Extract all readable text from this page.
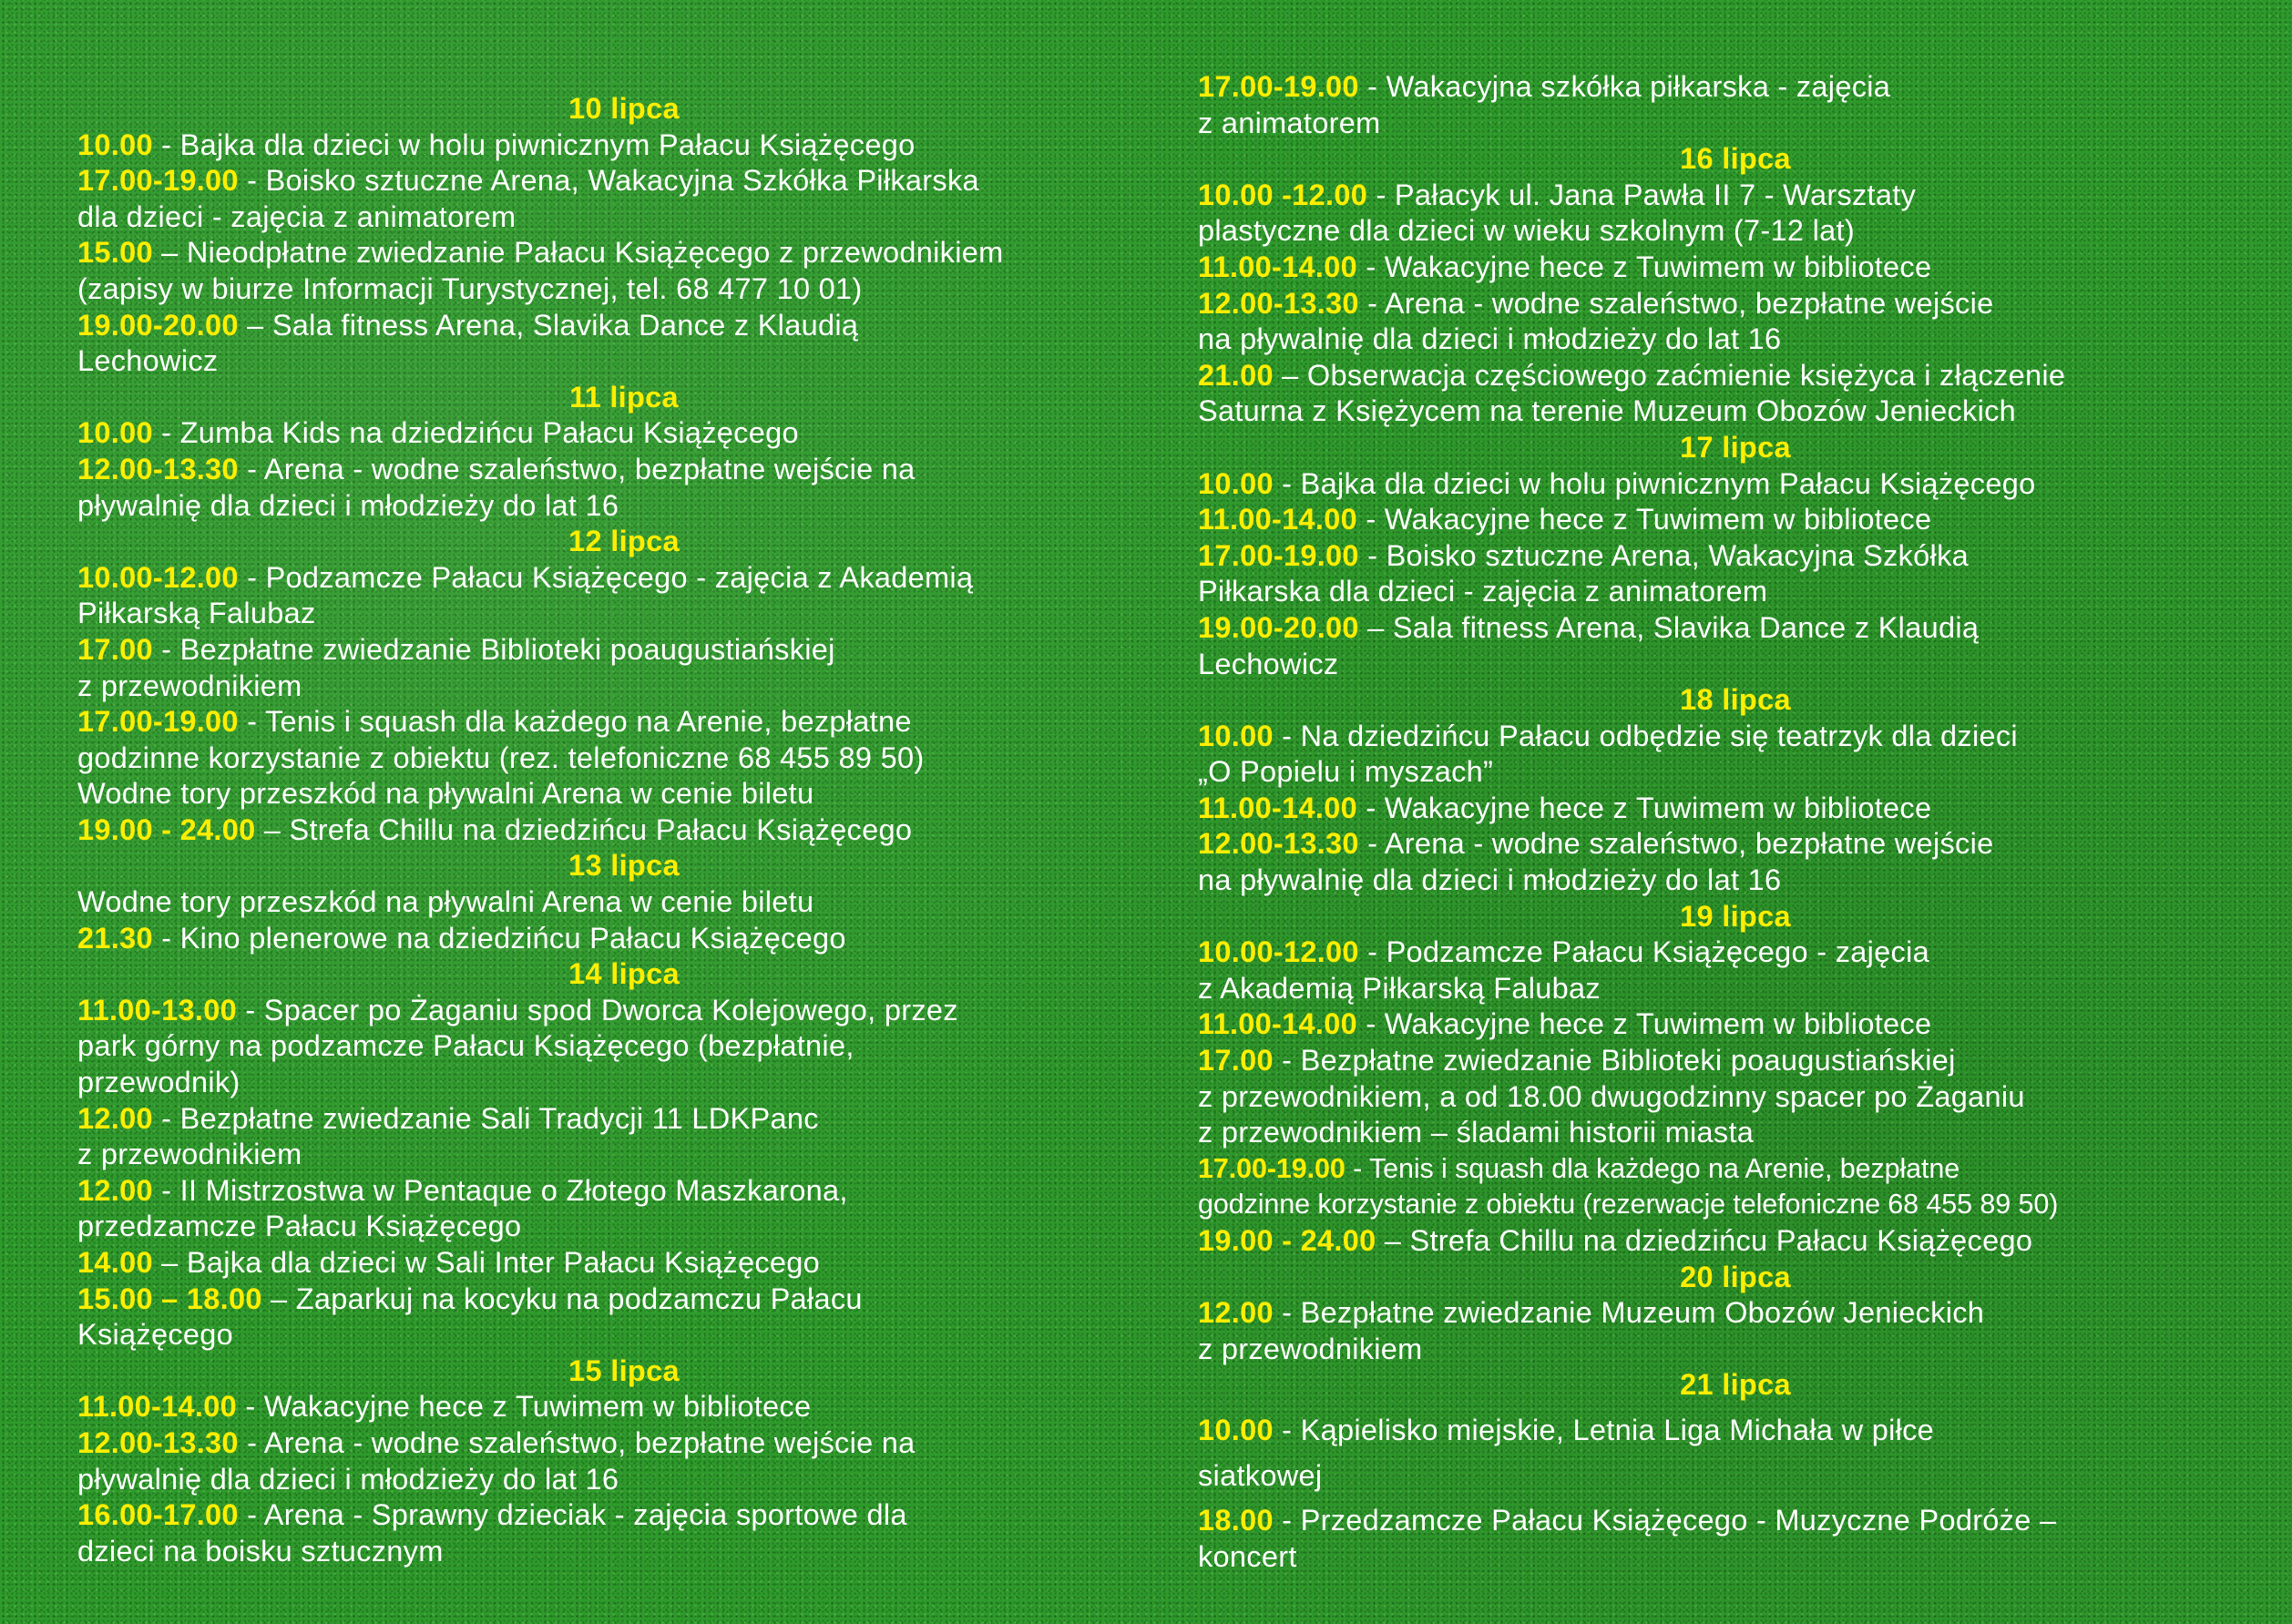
10 lipca
10.00 - Bajka dla dzieci w holu piwnicznym Pałacu Książęcego
17.00-19.00 - Boisko sztuczne Arena, Wakacyjna Szkółka Piłkarska
dla dzieci - zajęcia z animatorem
15.00 – Nieodpłatne zwiedzanie Pałacu Książęcego z przewodnikiem
(zapisy w biurze Informacji Turystycznej, tel. 68 477 10 01)
19.00-20.00 – Sala fitness Arena, Slavika Dance z Klaudią
Lechowicz
11 lipca
10.00 - Zumba Kids na dziedzińcu Pałacu Książęcego
12.00-13.30 - Arena - wodne szaleństwo, bezpłatne wejście na
pływalnię dla dzieci i młodzieży do lat 16
12 lipca
10.00-12.00 - Podzamcze Pałacu Książęcego - zajęcia z Akademią
Piłkarską Falubaz
17.00 - Bezpłatne zwiedzanie Biblioteki poaugustiańskiej
z przewodnikiem
17.00-19.00 - Tenis i squash dla każdego na Arenie, bezpłatne
godzinne korzystanie z obiektu (rez. telefoniczne 68 455 89 50)
Wodne tory przeszkód na pływalni Arena w cenie biletu
19.00 - 24.00 – Strefa Chillu na dziedzińcu Pałacu Książęcego
13 lipca
Wodne tory przeszkód na pływalni Arena w cenie biletu
21.30 - Kino plenerowe na dziedzińcu Pałacu Książęcego
14 lipca
11.00-13.00 - Spacer po Żaganiu spod Dworca Kolejowego, przez
park górny na podzamcze Pałacu Książęcego (bezpłatnie,
przewodnik)
12.00 - Bezpłatne zwiedzanie Sali Tradycji 11 LDKPanc
z przewodnikiem
12.00 - II Mistrzostwa w Pentaque o Złotego Maszkarona,
przedzamcze Pałacu Książęcego
14.00 – Bajka dla dzieci w Sali Inter Pałacu Książęcego
15.00 – 18.00 – Zaparkuj na kocyku na podzamczu Pałacu
Książęcego
15 lipca
11.00-14.00 - Wakacyjne hece z Tuwimem w bibliotece
12.00-13.30 - Arena - wodne szaleństwo, bezpłatne wejście na
pływalnię dla dzieci i młodzieży do lat 16
16.00-17.00 - Arena - Sprawny dzieciak - zajęcia sportowe dla
dzieci na boisku sztucznym
17.00-19.00 - Wakacyjna szkółka piłkarska - zajęcia
z animatorem
16 lipca
10.00 -12.00 - Pałacyk ul. Jana Pawła II 7 - Warsztaty
plastyczne dla dzieci w wieku szkolnym (7-12 lat)
11.00-14.00 - Wakacyjne hece z Tuwimem w bibliotece
12.00-13.30 - Arena - wodne szaleństwo, bezpłatne wejście
na pływalnię dla dzieci i młodzieży do lat 16
21.00 – Obserwacja częściowego zaćmienie księżyca i złączenie
Saturna z Księżycem na terenie Muzeum Obozów Jenieckich
17 lipca
10.00 - Bajka dla dzieci w holu piwnicznym Pałacu Książęcego
11.00-14.00 - Wakacyjne hece z Tuwimem w bibliotece
17.00-19.00 - Boisko sztuczne Arena, Wakacyjna Szkółka
Piłkarska dla dzieci - zajęcia z animatorem
19.00-20.00 – Sala fitness Arena, Slavika Dance z Klaudią
Lechowicz
18 lipca
10.00 - Na dziedzińcu Pałacu odbędzie się teatrzyk dla dzieci
„O Popielu i myszach”
11.00-14.00 - Wakacyjne hece z Tuwimem w bibliotece
12.00-13.30 - Arena - wodne szaleństwo, bezpłatne wejście
na pływalnię dla dzieci i młodzieży do lat 16
19 lipca
10.00-12.00 - Podzamcze Pałacu Książęcego - zajęcia
z Akademią Piłkarską Falubaz
11.00-14.00 - Wakacyjne hece z Tuwimem w bibliotece
17.00 - Bezpłatne zwiedzanie Biblioteki poaugustiańskiej
z przewodnikiem, a od 18.00 dwugodzinny spacer po Żaganiu
z przewodnikiem – śladami historii miasta
17.00-19.00 - Tenis i squash dla każdego na Arenie, bezpłatne
godzinne korzystanie z obiektu (rezerwacje telefoniczne 68 455 89 50)
19.00 - 24.00 – Strefa Chillu na dziedzińcu Pałacu Książęcego
20 lipca
12.00 - Bezpłatne zwiedzanie Muzeum Obozów Jenieckich
z przewodnikiem
21 lipca
10.00 - Kąpielisko miejskie, Letnia Liga Michała w piłce
siatkowej
18.00 - Przedzamcze Pałacu Książęcego - Muzyczne Podróże –
koncert
